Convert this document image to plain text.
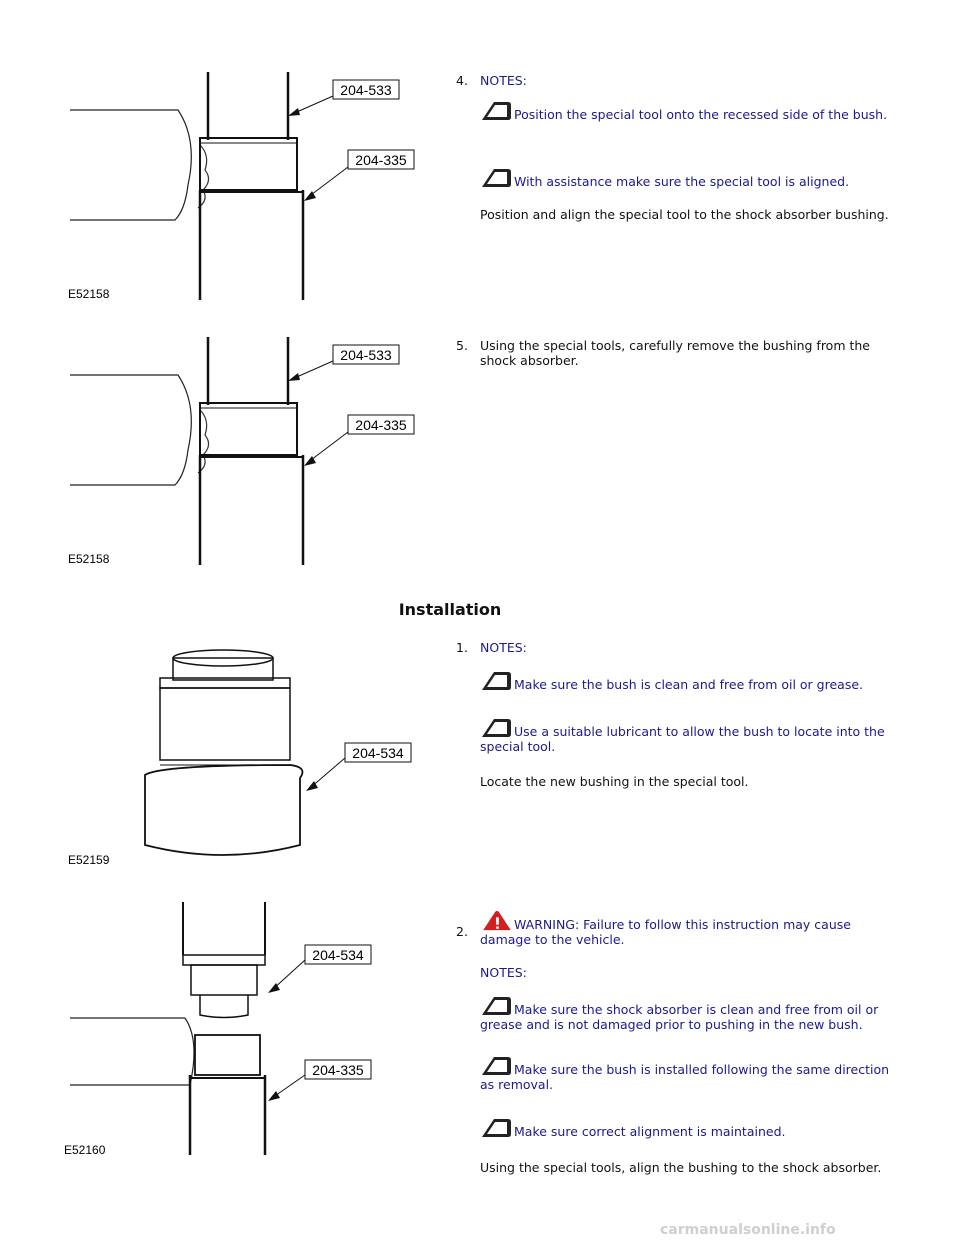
204-533
204-335
E52158
204-533
204-335
E52158
204-534
E52159
204-534
204-335
E52160
4. NOTES:
Position the special tool onto the recessed side of the bush.
With assistance make sure the special tool is aligned.
Position and align the special tool to the shock absorber bushing.
5. Using the special tools, carefully remove the bushing from the shock absorber.
Installation
1. NOTES:
Make sure the bush is clean and free from oil or grease.
Use a suitable lubricant to allow the bush to locate into the special tool.
Locate the new bushing in the special tool.
2.	WARNING: Failure to follow this instruction may cause damage to the vehicle.
NOTES:
Make sure the shock absorber is clean and free from oil or grease and is not damaged prior to pushing in the new bush.
Make sure the bush is installed following the same direction as removal.
Make sure correct alignment is maintained.
Using the special tools, align the bushing to the shock absorber.
carmanualsonline.info
